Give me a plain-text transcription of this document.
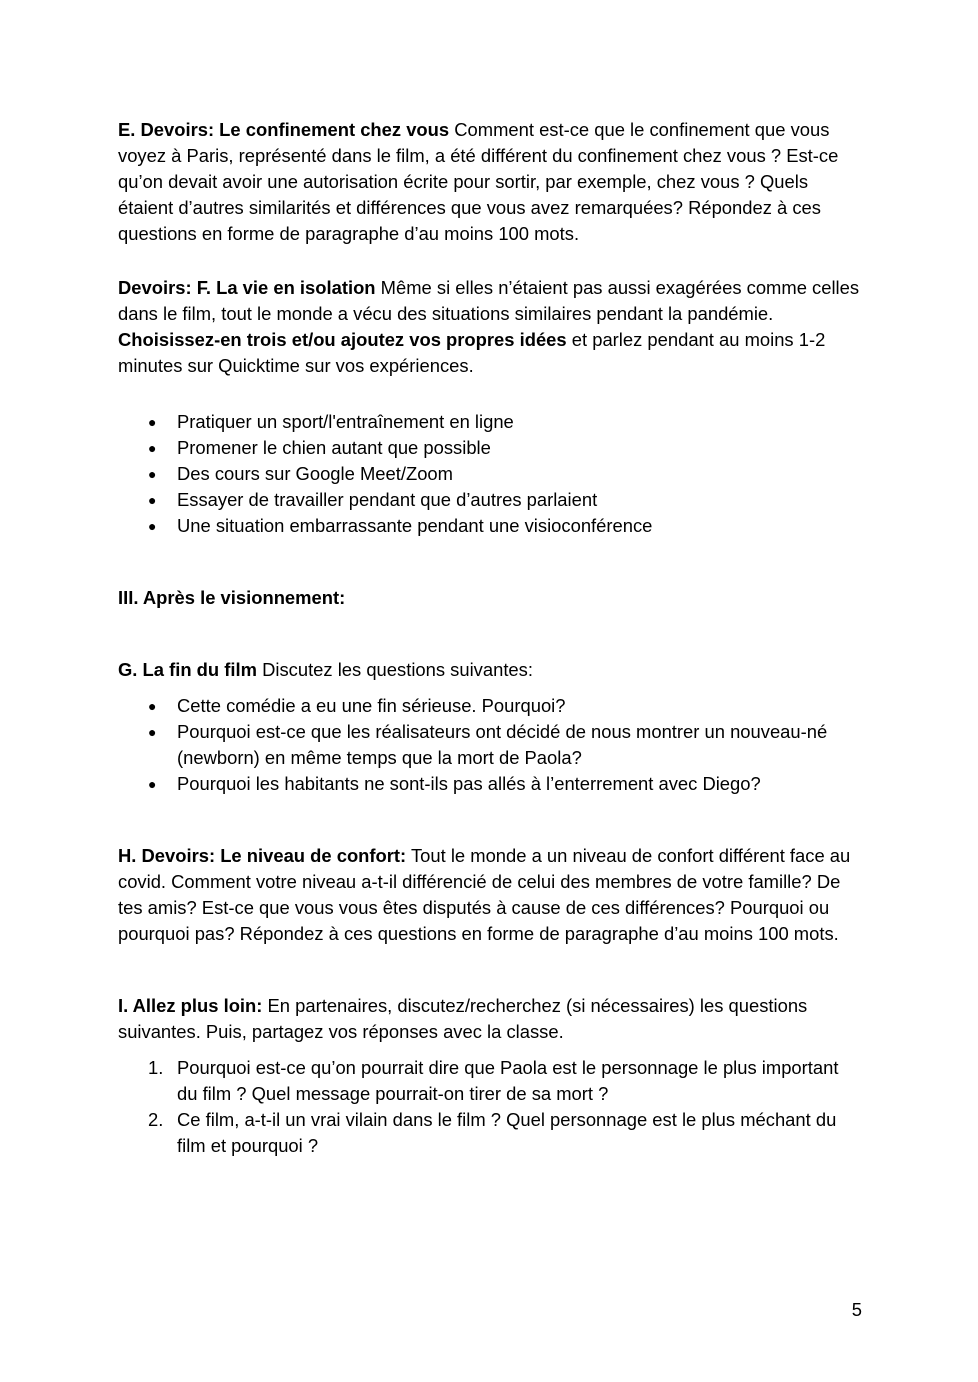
E. Devoirs: Le confinement chez vous Comment est-ce que le confinement que vous voyez à Paris, représenté dans le film, a été différent du confinement chez vous ? Est-ce qu’on devait avoir une autorisation écrite pour sortir, par exemple, chez vous ? Quels étaient d’autres similarités et différences que vous avez remarquées? Répondez à ces questions en forme de paragraphe d’au moins 100 mots.

Devoirs: F. La vie en isolation Même si elles n’étaient pas aussi exagérées comme celles dans le film, tout le monde a vécu des situations similaires pendant la pandémie. Choisissez-en trois et/ou ajoutez vos propres idées et parlez pendant au moins 1-2 minutes sur Quicktime sur vos expériences.

● Pratiquer un sport/l'entraînement en ligne
● Promener le chien autant que possible
● Des cours sur Google Meet/Zoom
● Essayer de travailler pendant que d’autres parlaient
● Une situation embarrassante pendant une visioconférence

III. Après le visionnement:

G. La fin du film Discutez les questions suivantes:

● Cette comédie a eu une fin sérieuse. Pourquoi?
● Pourquoi est-ce que les réalisateurs ont décidé de nous montrer un nouveau-né (newborn) en même temps que la mort de Paola?
● Pourquoi les habitants ne sont-ils pas allés à l’enterrement avec Diego?

H. Devoirs: Le niveau de confort: Tout le monde a un niveau de confort différent face au covid. Comment votre niveau a-t-il différencié de celui des membres de votre famille? De tes amis? Est-ce que vous vous êtes disputés à cause de ces différences? Pourquoi ou pourquoi pas? Répondez à ces questions en forme de paragraphe d’au moins 100 mots.

I. Allez plus loin: En partenaires, discutez/recherchez (si nécessaires) les questions suivantes. Puis, partagez vos réponses avec la classe.

1. Pourquoi est-ce qu’on pourrait dire que Paola est le personnage le plus important du film ? Quel message pourrait-on tirer de sa mort ?
2. Ce film, a-t-il un vrai vilain dans le film ? Quel personnage est le plus méchant du film et pourquoi ?
5
